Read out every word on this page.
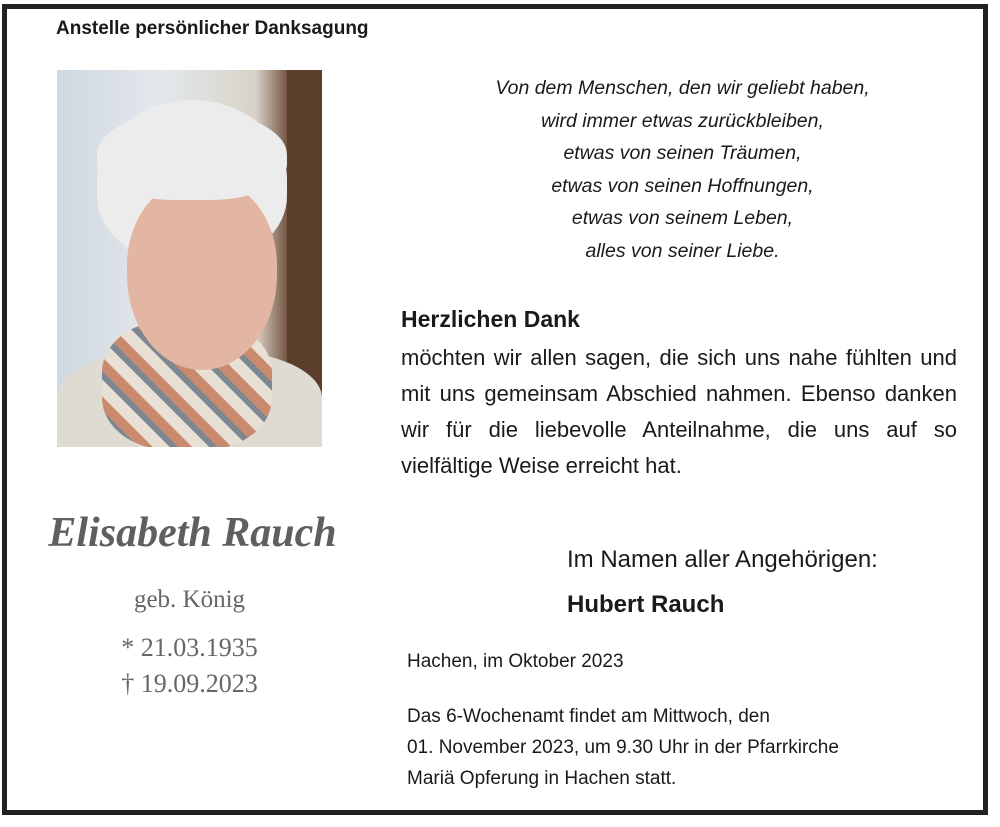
Anstelle persönlicher Danksagung
Elisabeth Rauch
geb. König
* 21.03.1935
† 19.09.2023
Von dem Menschen, den wir geliebt haben,
wird immer etwas zurückbleiben,
etwas von seinen Träumen,
etwas von seinen Hoffnungen,
etwas von seinem Leben,
alles von seiner Liebe.
Herzlichen Dank
möchten wir allen sagen, die sich uns nahe fühlten und mit uns gemeinsam Abschied nahmen. Ebenso danken wir für die liebevolle Anteilnahme, die uns auf so vielfältige Weise erreicht hat.
Im Namen aller Angehörigen:
Hubert Rauch
Hachen, im Oktober 2023
Das 6-Wochenamt findet am Mittwoch, den
01. November 2023, um 9.30 Uhr in der Pfarrkirche
Mariä Opferung in Hachen statt.
